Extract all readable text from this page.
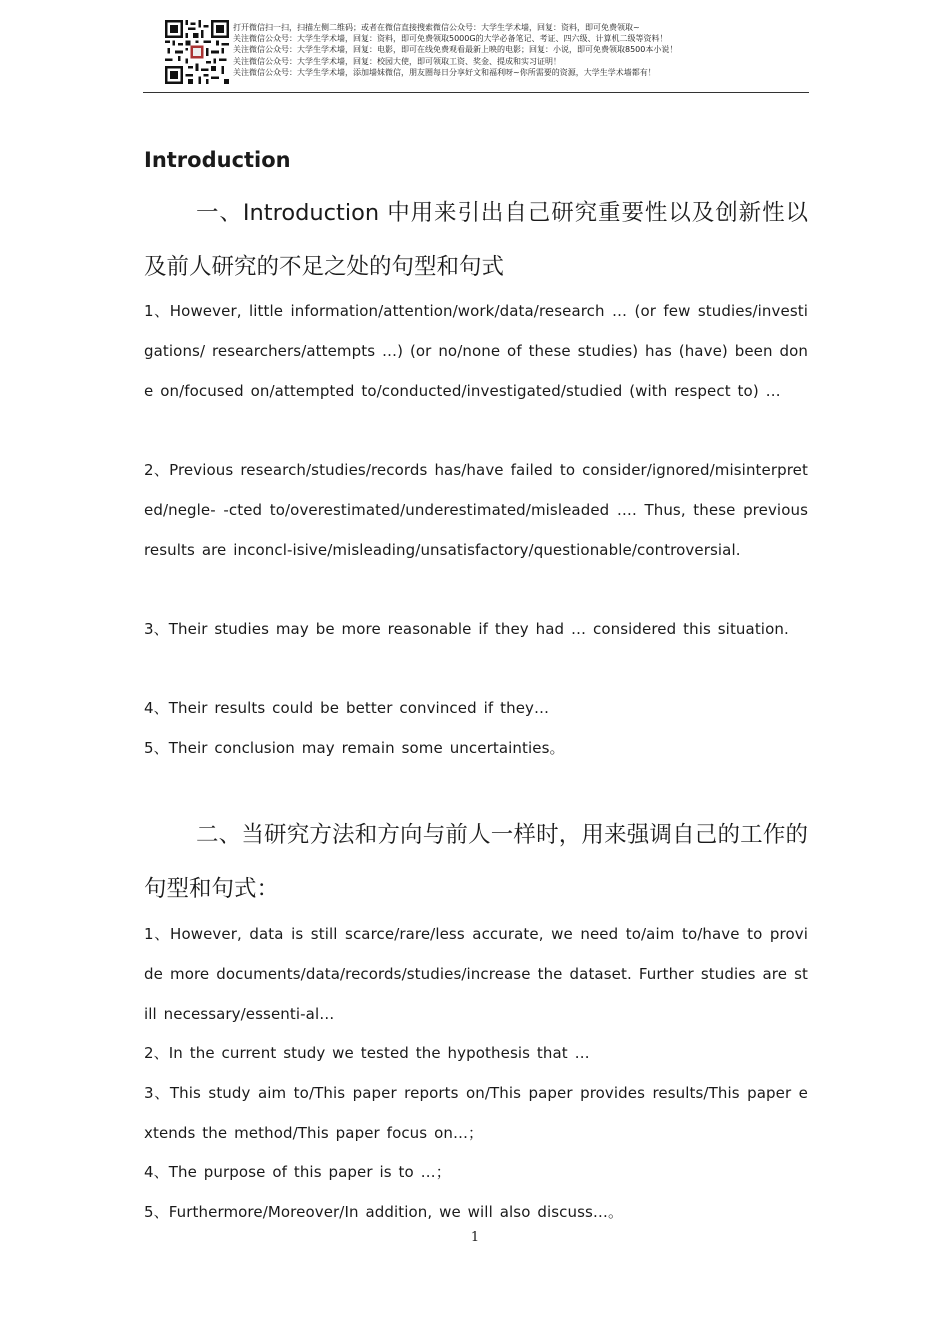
打开微信扫一扫，扫描左侧二维码；或者在微信直接搜索微信公众号：大学生学术墙，回复：资料，即可免费领取~
关注微信公众号：大学生学术墙，回复：资料，即可免费领取5000G的大学必备笔记、考证、四六级、计算机二级等资料！
关注微信公众号：大学生学术墙，回复：电影，即可在线免费观看最新上映的电影；回复：小说，即可免费领取8500本小说！
关注微信公众号：大学生学术墙，回复：校园大使，即可领取工资、奖金、提成和实习证明！
关注微信公众号：大学生学术墙，添加墙妹微信，朋友圈每日分享好文和福利呀~你所需要的资源，大学生学术墙都有！
Introduction
一、Introduction 中用来引出自己研究重要性以及创新性以及前人研究的不足之处的句型和句式
1、However, little information/attention/work/data/research … (or few studies/investigations/ researchers/attempts …) (or no/none of these studies) has (have) been done on/focused on/attempted to/conducted/investigated/studied (with respect to) …
2、Previous research/studies/records has/have failed to consider/ignored/misinterpreted/negle- -cted to/overestimated/underestimated/misleaded …. Thus, these previous results are inconcl-isive/misleading/unsatisfactory/questionable/controversial.
3、Their studies may be more reasonable if they had … considered this situation.
4、Their results could be better convinced if they…
5、Their conclusion may remain some uncertainties。
二、当研究方法和方向与前人一样时，用来强调自己的工作的句型和句式：
1、However, data is still scarce/rare/less accurate, we need to/aim to/have to provide more documents/data/records/studies/increase the dataset. Further studies are still necessary/essenti-al…
2、In the current study we tested the hypothesis that …
3、This study aim to/This paper reports on/This paper provides results/This paper extends the method/This paper focus on…；
4、The purpose of this paper is to …；
5、Furthermore/Moreover/In addition, we will also discuss…。
1
